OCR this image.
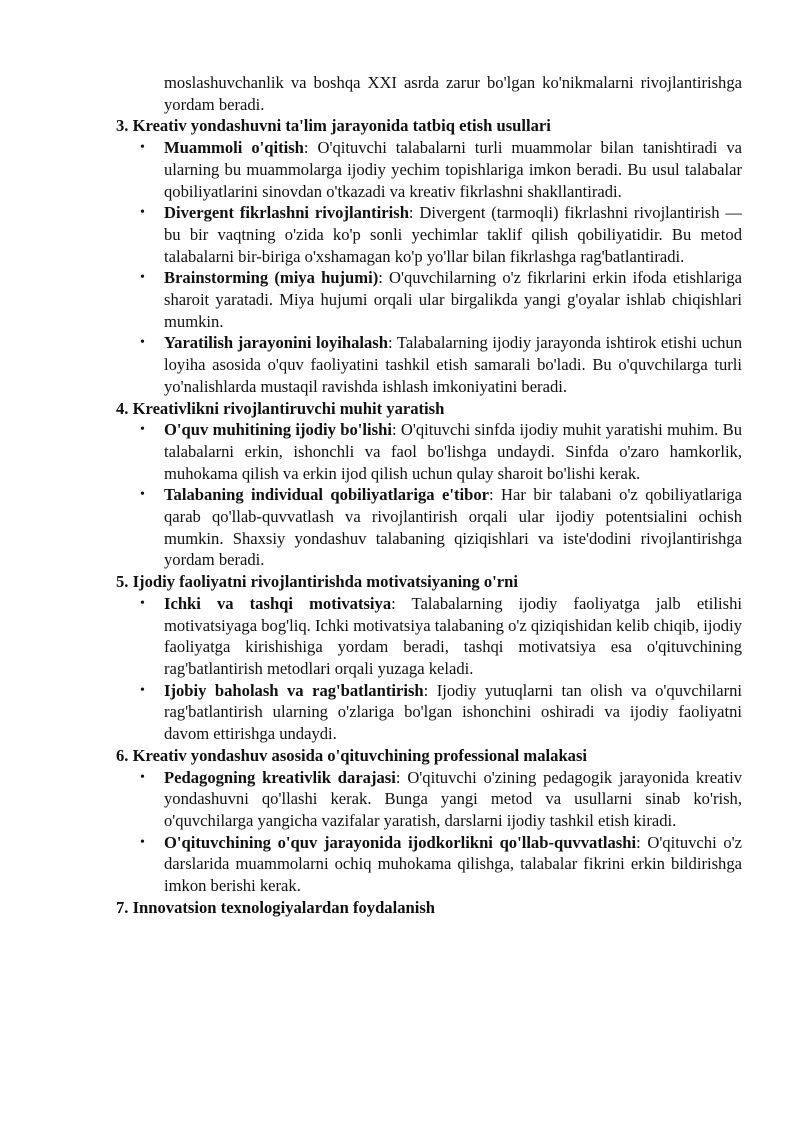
moslashuvchanlik va boshqa XXI asrda zarur bo'lgan ko'nikmalarni rivojlantirishga yordam beradi.
3. Kreativ yondashuvni ta'lim jarayonida tatbiq etish usullari
• Muammoli o'qitish: O'qituvchi talabalarni turli muammolar bilan tanishtiradi va ularning bu muammolarga ijodiy yechim topishlariga imkon beradi. Bu usul talabalar qobiliyatlarini sinovdan o'tkazadi va kreativ fikrlashni shakllantiradi.
• Divergent fikrlashni rivojlantirish: Divergent (tarmoqli) fikrlashni rivojlantirish — bu bir vaqtning o'zida ko'p sonli yechimlar taklif qilish qobiliyatidir. Bu metod talabalarni bir-biriga o'xshamagan ko'p yo'llar bilan fikrlashga rag'batlantiradi.
• Brainstorming (miya hujumi): O'quvchilarning o'z fikrlarini erkin ifoda etishlariga sharoit yaratadi. Miya hujumi orqali ular birgalikda yangi g'oyalar ishlab chiqishlari mumkin.
• Yaratilish jarayonini loyihalash: Talabalarning ijodiy jarayonda ishtirok etishi uchun loyiha asosida o'quv faoliyatini tashkil etish samarali bo'ladi. Bu o'quvchilarga turli yo'nalishlarda mustaqil ravishda ishlash imkoniyatini beradi.
4. Kreativlikni rivojlantiruvchi muhit yaratish
• O'quv muhitining ijodiy bo'lishi: O'qituvchi sinfda ijodiy muhit yaratishi muhim. Bu talabalarni erkin, ishonchli va faol bo'lishga undaydi. Sinfda o'zaro hamkorlik, muhokama qilish va erkin ijod qilish uchun qulay sharoit bo'lishi kerak.
• Talabaning individual qobiliyatlariga e'tibor: Har bir talabani o'z qobiliyatlariga qarab qo'llab-quvvatlash va rivojlantirish orqali ular ijodiy potentsialini ochish mumkin. Shaxsiy yondashuv talabaning qiziqishlari va iste'dodini rivojlantirishga yordam beradi.
5. Ijodiy faoliyatni rivojlantirishda motivatsiyaning o'rni
• Ichki va tashqi motivatsiya: Talabalarning ijodiy faoliyatga jalb etilishi motivatsiyaga bog'liq. Ichki motivatsiya talabaning o'z qiziqishidan kelib chiqib, ijodiy faoliyatga kirishishiga yordam beradi, tashqi motivatsiya esa o'qituvchining rag'batlantirish metodlari orqali yuzaga keladi.
• Ijobiy baholash va rag'batlantirish: Ijodiy yutuqlarni tan olish va o'quvchilarni rag'batlantirish ularning o'zlariga bo'lgan ishonchini oshiradi va ijodiy faoliyatni davom ettirishga undaydi.
6. Kreativ yondashuv asosida o'qituvchining professional malakasi
• Pedagogning kreativlik darajasi: O'qituvchi o'zining pedagogik jarayonida kreativ yondashuvni qo'llashi kerak. Bunga yangi metod va usullarni sinab ko'rish, o'quvchilarga yangicha vazifalar yaratish, darslarni ijodiy tashkil etish kiradi.
• O'qituvchining o'quv jarayonida ijodkorlikni qo'llab-quvvatlashi: O'qituvchi o'z darslarida muammolarni ochiq muhokama qilishga, talabalar fikrini erkin bildirishga imkon berishi kerak.
7. Innovatsion texnologiyalardan foydalanish
